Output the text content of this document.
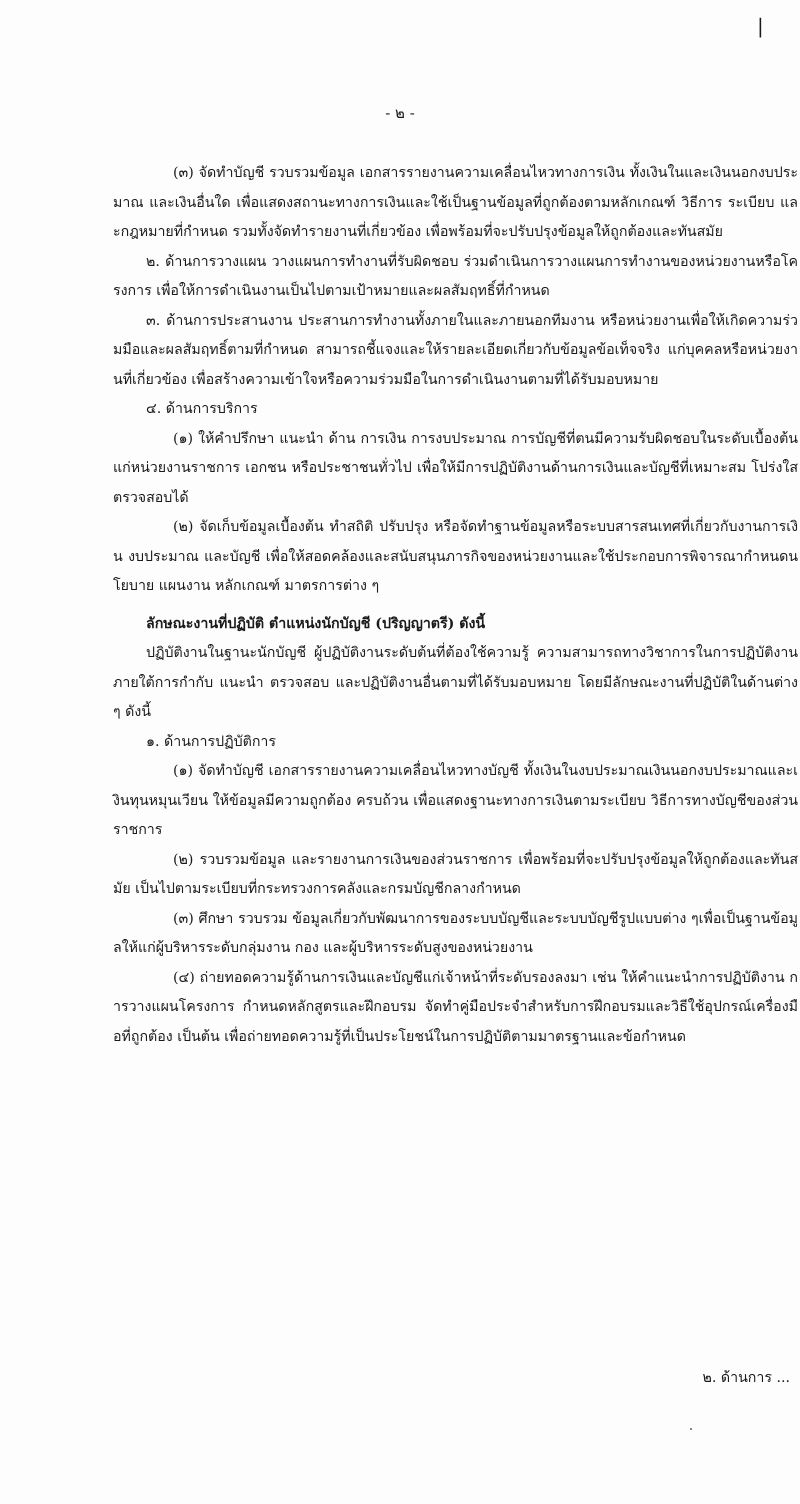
|
- ๒ -

(๓) จัดทำบัญชี รวบรวมข้อมูล เอกสารรายงานความเคลื่อนไหวทางการเงิน ทั้งเงินในและเงินนอกงบประมาณ และเงินอื่นใด เพื่อแสดงสถานะทางการเงินและใช้เป็นฐานข้อมูลที่ถูกต้องตามหลักเกณฑ์ วิธีการ ระเบียบ และกฎหมายที่กำหนด รวมทั้งจัดทำรายงานที่เกี่ยวข้อง เพื่อพร้อมที่จะปรับปรุงข้อมูลให้ถูกต้องและทันสมัย

๒. ด้านการวางแผน วางแผนการทำงานที่รับผิดชอบ ร่วมดำเนินการวางแผนการทำงานของหน่วยงานหรือโครงการ เพื่อให้การดำเนินงานเป็นไปตามเป้าหมายและผลสัมฤทธิ์ที่กำหนด

๓. ด้านการประสานงาน ประสานการทำงานทั้งภายในและภายนอกทีมงาน หรือหน่วยงานเพื่อให้เกิดความร่วมมือและผลสัมฤทธิ์ตามที่กำหนด สามารถชี้แจงและให้รายละเอียดเกี่ยวกับข้อมูลข้อเท็จจริง แก่บุคคลหรือหน่วยงานที่เกี่ยวข้อง เพื่อสร้างความเข้าใจหรือความร่วมมือในการดำเนินงานตามที่ได้รับมอบหมาย

๔. ด้านการบริการ

(๑) ให้คำปรึกษา แนะนำ ด้าน การเงิน การงบประมาณ การบัญชีที่ตนมีความรับผิดชอบในระดับเบื้องต้นแก่หน่วยงานราชการ เอกชน หรือประชาชนทั่วไป เพื่อให้มีการปฏิบัติงานด้านการเงินและบัญชีที่เหมาะสม โปร่งใส ตรวจสอบได้

(๒) จัดเก็บข้อมูลเบื้องต้น ทำสถิติ ปรับปรุง หรือจัดทำฐานข้อมูลหรือระบบสารสนเทศที่เกี่ยวกับงานการเงิน งบประมาณ และบัญชี เพื่อให้สอดคล้องและสนับสนุนภารกิจของหน่วยงานและใช้ประกอบการพิจารณากำหนดนโยบาย แผนงาน หลักเกณฑ์ มาตรการต่าง ๆ

ลักษณะงานที่ปฏิบัติ ตำแหน่งนักบัญชี (ปริญญาตรี) ดังนี้

ปฏิบัติงานในฐานะนักบัญชี ผู้ปฏิบัติงานระดับต้นที่ต้องใช้ความรู้ ความสามารถทางวิชาการในการปฏิบัติงานภายใต้การกำกับ แนะนำ ตรวจสอบ และปฏิบัติงานอื่นตามที่ได้รับมอบหมาย โดยมีลักษณะงานที่ปฏิบัติในด้านต่าง ๆ ดังนี้

๑. ด้านการปฏิบัติการ

(๑) จัดทำบัญชี เอกสารรายงานความเคลื่อนไหวทางบัญชี ทั้งเงินในงบประมาณเงินนอกงบประมาณและเงินทุนหมุนเวียน ให้ข้อมูลมีความถูกต้อง ครบถ้วน เพื่อแสดงฐานะทางการเงินตามระเบียบ วิธีการทางบัญชีของส่วนราชการ

(๒) รวบรวมข้อมูล และรายงานการเงินของส่วนราชการ เพื่อพร้อมที่จะปรับปรุงข้อมูลให้ถูกต้องและทันสมัย เป็นไปตามระเบียบที่กระทรวงการคลังและกรมบัญชีกลางกำหนด

(๓) ศึกษา รวบรวม ข้อมูลเกี่ยวกับพัฒนาการของระบบบัญชีและระบบบัญชีรูปแบบต่าง ๆเพื่อเป็นฐานข้อมูลให้แก่ผู้บริหารระดับกลุ่มงาน กอง และผู้บริหารระดับสูงของหน่วยงาน

(๔) ถ่ายทอดความรู้ด้านการเงินและบัญชีแก่เจ้าหน้าที่ระดับรองลงมา เช่น ให้คำแนะนำการปฏิบัติงาน การวางแผนโครงการ กำหนดหลักสูตรและฝึกอบรม จัดทำคู่มือประจำสำหรับการฝึกอบรมและวิธีใช้อุปกรณ์เครื่องมือที่ถูกต้อง เป็นต้น เพื่อถ่ายทอดความรู้ที่เป็นประโยชน์ในการปฏิบัติตามมาตรฐานและข้อกำหนด

๒. ด้านการ ...
